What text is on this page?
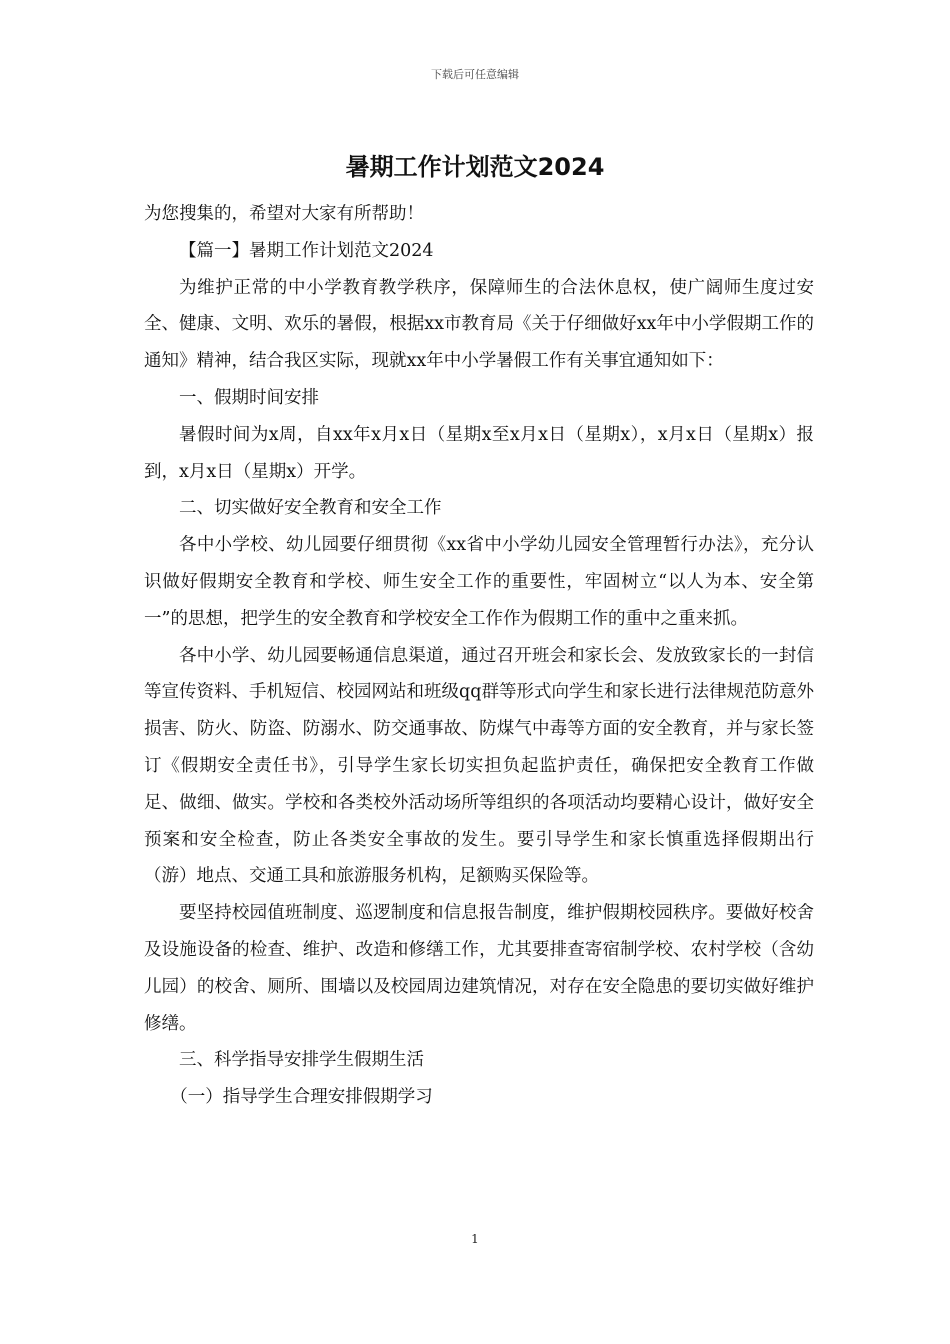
下载后可任意编辑
暑期工作计划范文2024

为您搜集的，希望对大家有所帮助！

【篇一】暑期工作计划范文2024

为维护正常的中小学教育教学秩序，保障师生的合法休息权，使广阔师生度过安全、健康、文明、欢乐的暑假，根据xx市教育局《关于仔细做好xx年中小学假期工作的通知》精神，结合我区实际，现就xx年中小学暑假工作有关事宜通知如下：

一、假期时间安排

暑假时间为x周，自xx年x月x日（星期x至x月x日（星期x），x月x日（星期x）报到，x月x日（星期x）开学。

二、切实做好安全教育和安全工作

各中小学校、幼儿园要仔细贯彻《xx省中小学幼儿园安全管理暂行办法》，充分认识做好假期安全教育和学校、师生安全工作的重要性，牢固树立“以人为本、安全第一”的思想，把学生的安全教育和学校安全工作作为假期工作的重中之重来抓。

各中小学、幼儿园要畅通信息渠道，通过召开班会和家长会、发放致家长的一封信等宣传资料、手机短信、校园网站和班级qq群等形式向学生和家长进行法律规范防意外损害、防火、防盗、防溺水、防交通事故、防煤气中毒等方面的安全教育，并与家长签订《假期安全责任书》，引导学生家长切实担负起监护责任，确保把安全教育工作做足、做细、做实。学校和各类校外活动场所等组织的各项活动均要精心设计，做好安全预案和安全检查，防止各类安全事故的发生。要引导学生和家长慎重选择假期出行（游）地点、交通工具和旅游服务机构，足额购买保险等。

要坚持校园值班制度、巡逻制度和信息报告制度，维护假期校园秩序。要做好校舍及设施设备的检查、维护、改造和修缮工作，尤其要排查寄宿制学校、农村学校（含幼儿园）的校舍、厕所、围墙以及校园周边建筑情况，对存在安全隐患的要切实做好维护修缮。

三、科学指导安排学生假期生活

（一）指导学生合理安排假期学习

1
